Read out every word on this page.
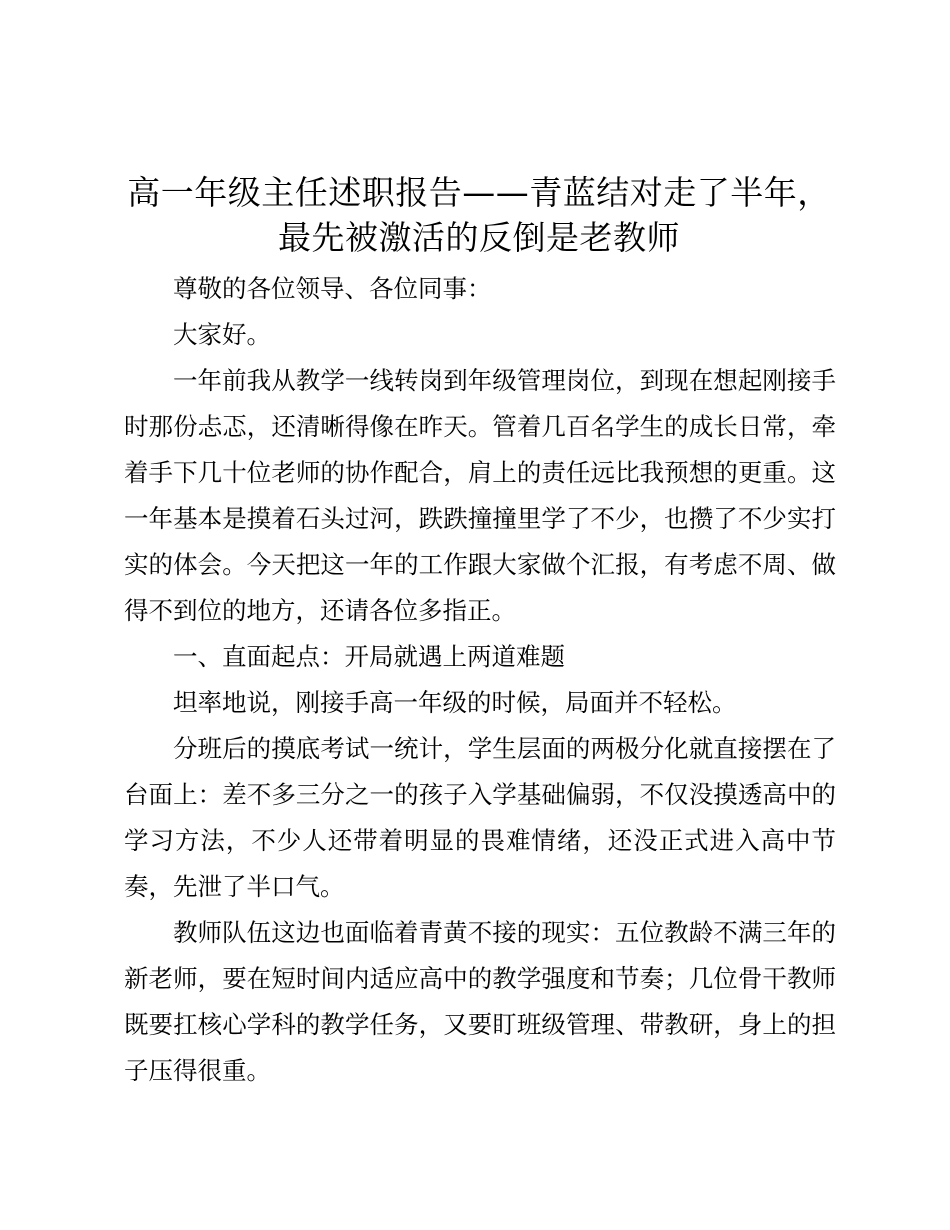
高一年级主任述职报告——青蓝结对走了半年，最先被激活的反倒是老教师

尊敬的各位领导、各位同事：

大家好。

一年前我从教学一线转岗到年级管理岗位，到现在想起刚接手时那份忐忑，还清晰得像在昨天。管着几百名学生的成长日常，牵着手下几十位老师的协作配合，肩上的责任远比我预想的更重。这一年基本是摸着石头过河，跌跌撞撞里学了不少，也攒了不少实打实的体会。今天把这一年的工作跟大家做个汇报，有考虑不周、做得不到位的地方，还请各位多指正。

一、直面起点：开局就遇上两道难题

坦率地说，刚接手高一年级的时候，局面并不轻松。

分班后的摸底考试一统计，学生层面的两极分化就直接摆在了台面上：差不多三分之一的孩子入学基础偏弱，不仅没摸透高中的学习方法，不少人还带着明显的畏难情绪，还没正式进入高中节奏，先泄了半口气。

教师队伍这边也面临着青黄不接的现实：五位教龄不满三年的新老师，要在短时间内适应高中的教学强度和节奏；几位骨干教师既要扛核心学科的教学任务，又要盯班级管理、带教研，身上的担子压得很重。
